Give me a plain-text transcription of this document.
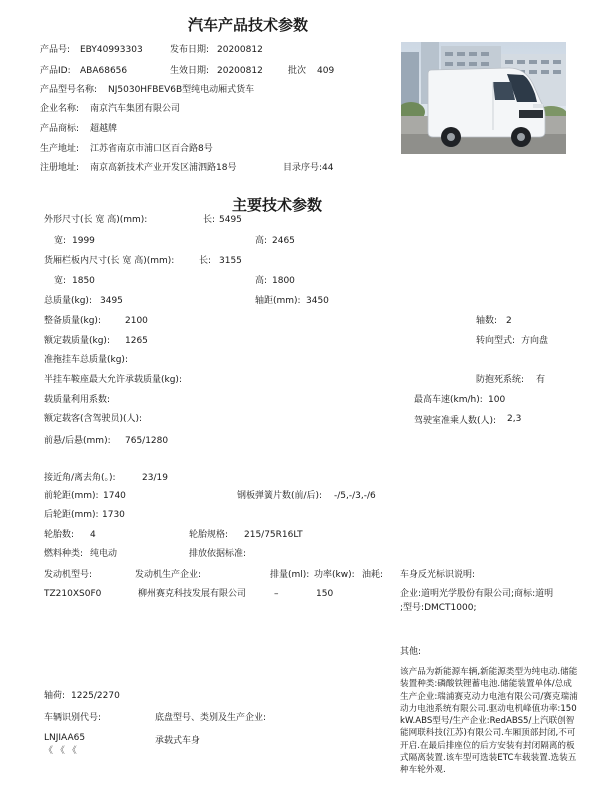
汽车产品技术参数
产品号: EBY40993303	发布日期: 20200812
产品ID: ABA68656	生效日期: 20200812	批次 409
产品型号名称: NJ5030HFBEV6B型纯电动厢式货车
企业名称: 南京汽车集团有限公司
产品商标: 超越牌
生产地址: 江苏省南京市浦口区百合路8号
注册地址: 南京高新技术产业开发区浦泗路18号	目录序号: 44
主要技术参数
外形尺寸(长 宽 高)(mm):	长: 5495
宽: 1999	高: 2465
货厢栏板内尺寸(长 宽 高)(mm):	长: 3155
宽: 1850	高: 1800
总质量(kg): 3495	轴距(mm): 3450
整备质量(kg):	2100	轴数: 2
额定载质量(kg): 1265	转向型式: 方向盘
准拖挂车总质量(kg):
半挂车鞍座最大允许承载质量(kg):	防抱死系统: 有
载质量利用系数:	最高车速(km/h): 100
额定载客(含驾驶员)(人):	驾驶室准乘人数(人): 2,3
前悬/后悬(mm): 765/1280
接近角/离去角(。):	23/19
前轮距(mm): 1740	钢板弹簧片数(前/后): -/5,-/3,-/6
后轮距(mm): 1730
轮胎数: 4	轮胎规格: 215/75R16LT
燃料种类: 纯电动	排放依据标准:
发动机型号:	发动机生产企业:	排量(ml): 功率(kw): 油耗: 车身反光标识说明:
TZ210XS0F0	柳州赛克科技发展有限公司	–	150	企业:道明光学股份有限公司;商标:道明
;型号:DMCT1000;
其他:
该产品为新能源车辆,新能源类型为纯电动.储能装置种类:磷酸铁锂蓄电池.储能装置单体/总成生产企业:瑞浦赛克动力电池有限公司/赛克瑞浦动力电池系统有限公司.驱动电机峰值功率:150kW.ABS型号/生产企业:RedABS5/上汽联创智能网联科技(江苏)有限公司.车厢顶部封闭,不可开启.在最后排座位的后方安装有封闭隔离的板式隔离装置.该车型可选装ETC车载装置.选装五种车轮外观.
轴荷: 1225/2270
车辆识别代号:	底盘型号、类别及生产企业:
LNJIAA65	承载式车身
《 《 《
